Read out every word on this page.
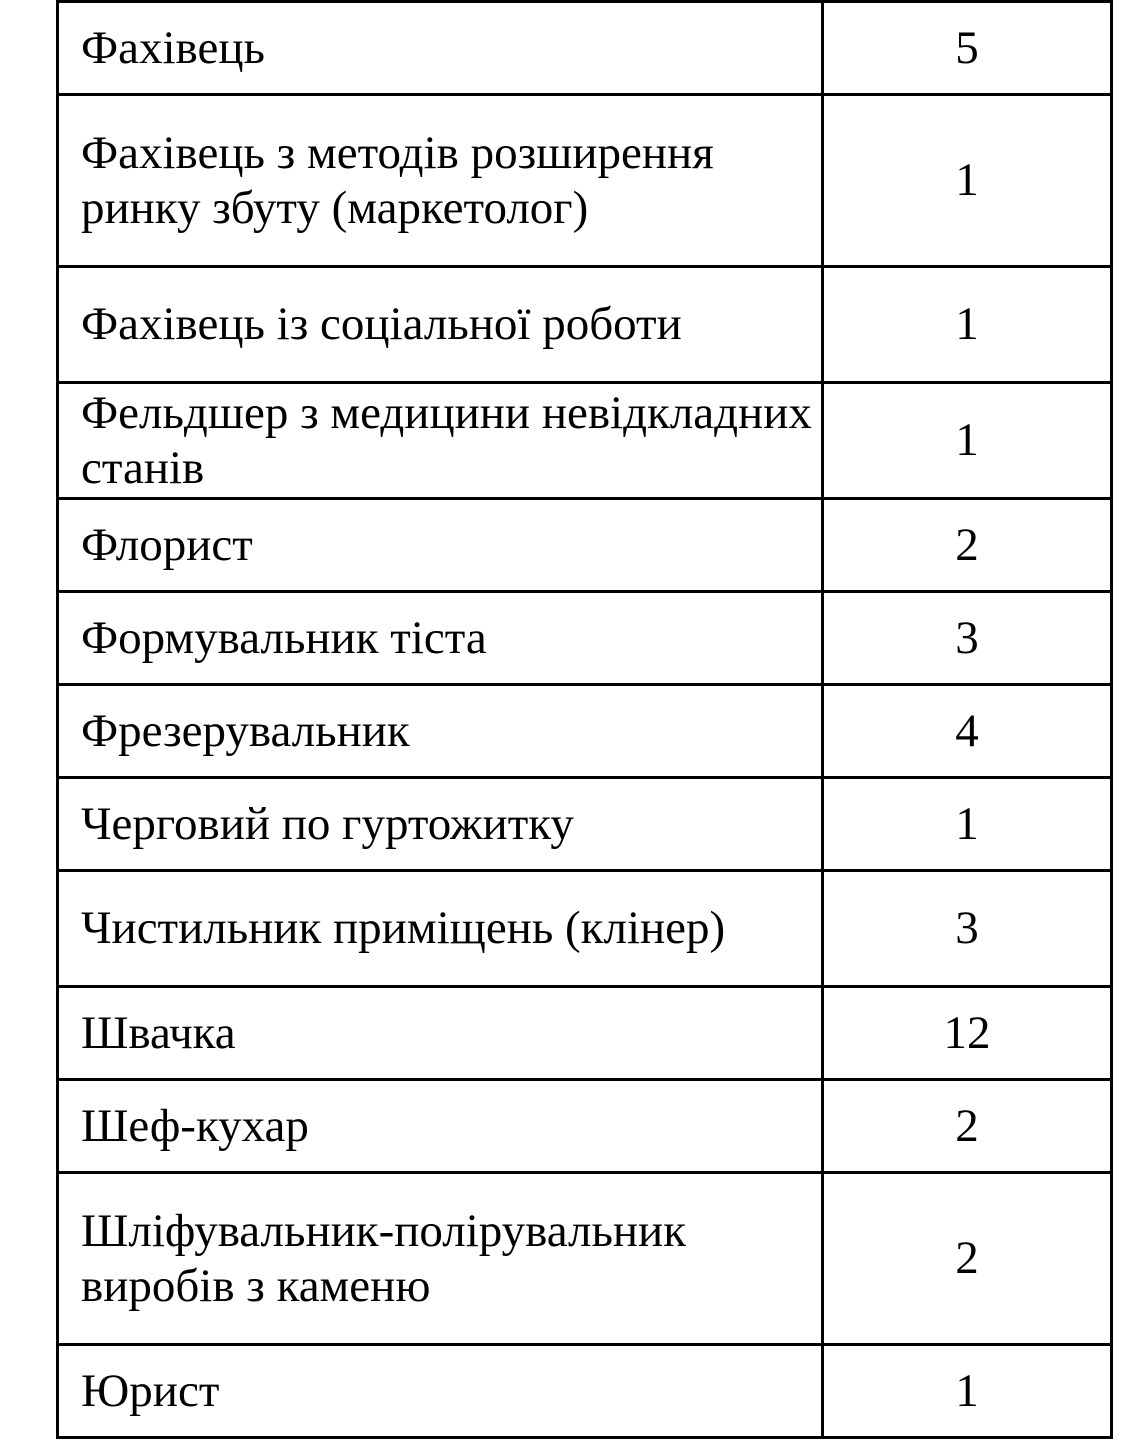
Фахівець	5
Фахівець з методів розширення ринку збуту (маркетолог)	1
Фахівець із соціальної роботи	1
Фельдшер з медицини невідкладних станів	1
Флорист	2
Формувальник тіста	3
Фрезерувальник	4
Черговий по гуртожитку	1
Чистильник приміщень (клінер)	3
Швачка	12
Шеф-кухар	2
Шліфувальник-полірувальник виробів з каменю	2
Юрист	1
